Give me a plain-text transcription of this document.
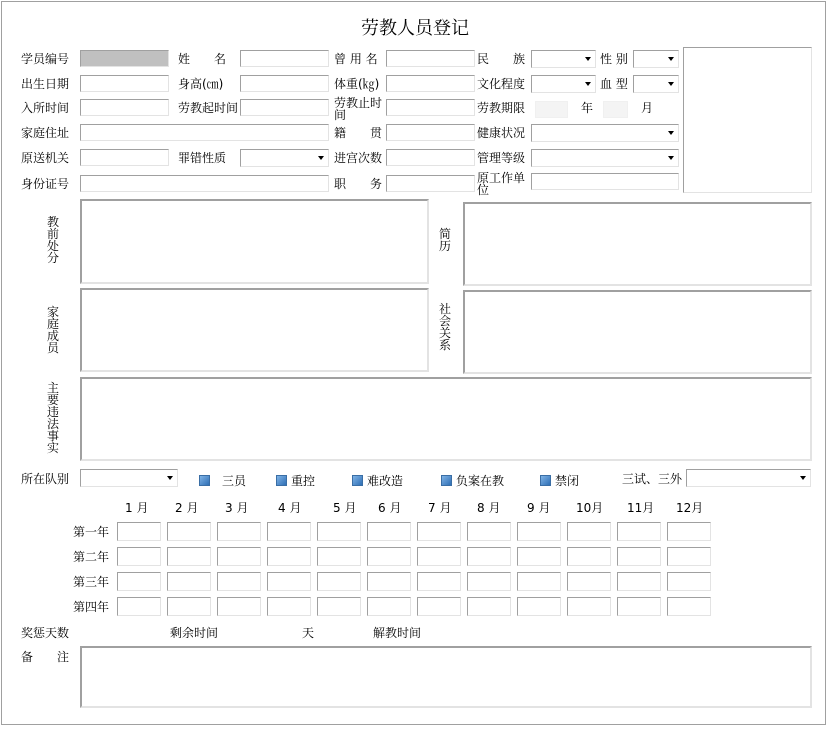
劳教人员登记
学员编号	姓　　名	曾 用 名	民　　族	性 别
出生日期	身高(㎝)	体重(㎏)	文化程度	血 型
入所时间	劳教起时间	劳教止时间	劳教期限	年	月
家庭住址	籍　　贯	健康状况
原送机关	罪错性质	进宫次数	管理等级
身份证号	职　　务	原工作单位
教前处分
简历
家庭成员
社会关系
主要违法事实
所在队别	三员	重控	难改造	负案在教	禁闭	三试、三外
1 月 2 月 3 月 4 月	5 月 6 月 7 月 8 月 9 月 10月 11月 12月
第一年
第二年
第三年
第四年
奖惩天数	剩余时间	天	解教时间
备　　注
